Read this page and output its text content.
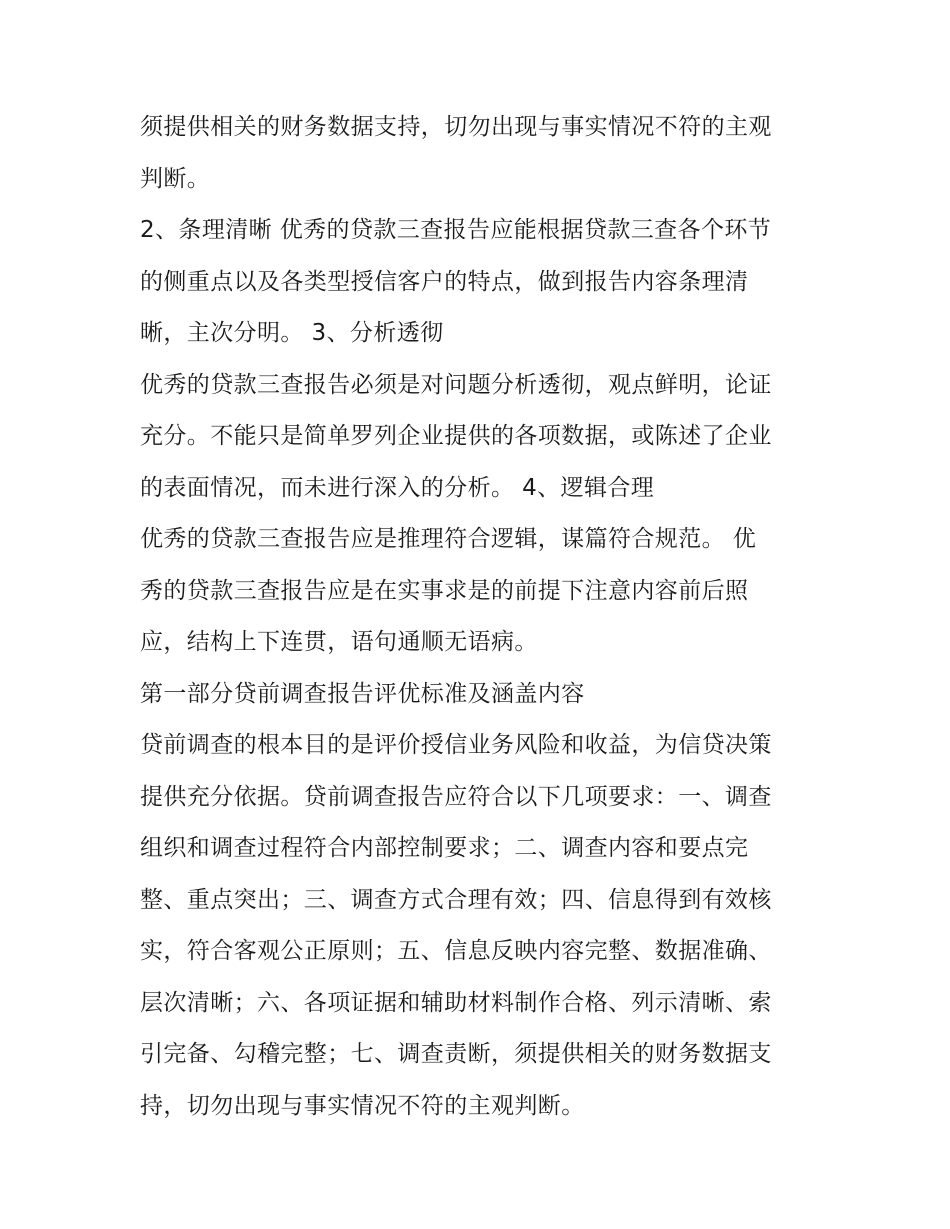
须提供相关的财务数据支持，切勿出现与事实情况不符的主观
判断。
2、条理清晰 优秀的贷款三查报告应能根据贷款三查各个环节
的侧重点以及各类型授信客户的特点，做到报告内容条理清
晰，主次分明。 3、分析透彻
优秀的贷款三查报告必须是对问题分析透彻，观点鲜明，论证
充分。不能只是简单罗列企业提供的各项数据，或陈述了企业
的表面情况，而未进行深入的分析。 4、逻辑合理
优秀的贷款三查报告应是推理符合逻辑，谋篇符合规范。 优
秀的贷款三查报告应是在实事求是的前提下注意内容前后照
应，结构上下连贯，语句通顺无语病。
第一部分贷前调查报告评优标准及涵盖内容
贷前调查的根本目的是评价授信业务风险和收益，为信贷决策
提供充分依据。贷前调查报告应符合以下几项要求：一、调查
组织和调查过程符合内部控制要求；二、调查内容和要点完
整、重点突出；三、调查方式合理有效；四、信息得到有效核
实，符合客观公正原则；五、信息反映内容完整、数据准确、
层次清晰；六、各项证据和辅助材料制作合格、列示清晰、索
引完备、勾稽完整；七、调查责断，须提供相关的财务数据支
持，切勿出现与事实情况不符的主观判断。
